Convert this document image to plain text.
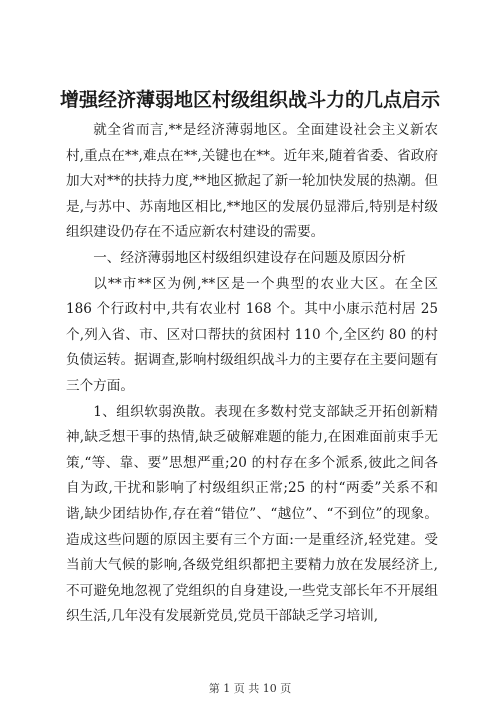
增强经济薄弱地区村级组织战斗力的几点启示

就全省而言,**是经济薄弱地区。全面建设社会主义新农村,重点在**,难点在**,关键也在**。近年来,随着省委、省政府加大对**的扶持力度,**地区掀起了新一轮加快发展的热潮。但是,与苏中、苏南地区相比,**地区的发展仍显滞后,特别是村级组织建设仍存在不适应新农村建设的需要。

一、经济薄弱地区村级组织建设存在问题及原因分析

以**市**区为例,**区是一个典型的农业大区。在全区 186 个行政村中,共有农业村 168 个。其中小康示范村居 25 个,列入省、市、区对口帮扶的贫困村 110 个,全区约 80 的村负债运转。据调查,影响村级组织战斗力的主要存在主要问题有三个方面。

1、组织软弱涣散。表现在多数村党支部缺乏开拓创新精神,缺乏想干事的热情,缺乏破解难题的能力,在困难面前束手无策,“等、靠、要”思想严重;20 的村存在多个派系,彼此之间各自为政,干扰和影响了村级组织正常;25 的村“两委”关系不和谐,缺少团结协作,存在着“错位”、“越位”、“不到位”的现象。造成这些问题的原因主要有三个方面:一是重经济,轻党建。受当前大气候的影响,各级党组织都把主要精力放在发展经济上,不可避免地忽视了党组织的自身建设,一些党支部长年不开展组织生活,几年没有发展新党员,党员干部缺乏学习培训,

第 1 页 共 10 页
